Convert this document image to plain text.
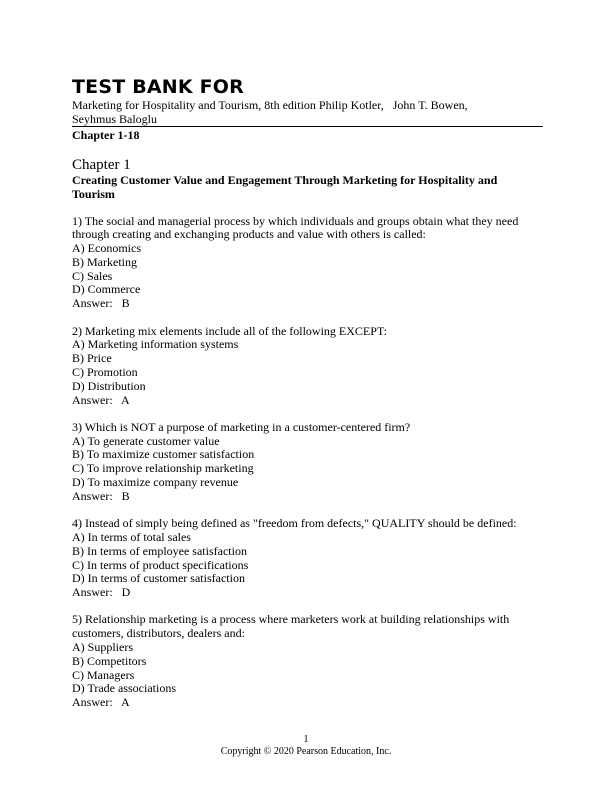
TEST BANK FOR
Marketing for Hospitality and Tourism, 8th edition Philip Kotler,   John T. Bowen,
Seyhmus Baloglu
Chapter 1-18
Chapter 1
Creating Customer Value and Engagement Through Marketing for Hospitality and
Tourism
1) The social and managerial process by which individuals and groups obtain what they need
through creating and exchanging products and value with others is called:
A) Economics
B) Marketing
C) Sales
D) Commerce
Answer: B
2) Marketing mix elements include all of the following EXCEPT:
A) Marketing information systems
B) Price
C) Promotion
D) Distribution
Answer: A
3) Which is NOT a purpose of marketing in a customer-centered firm?
A) To generate customer value
B) To maximize customer satisfaction
C) To improve relationship marketing
D) To maximize company revenue
Answer: B
4) Instead of simply being defined as "freedom from defects," QUALITY should be defined:
A) In terms of total sales
B) In terms of employee satisfaction
C) In terms of product specifications
D) In terms of customer satisfaction
Answer: D
5) Relationship marketing is a process where marketers work at building relationships with
customers, distributors, dealers and:
A) Suppliers
B) Competitors
C) Managers
D) Trade associations
Answer: A
1
Copyright © 2020 Pearson Education, Inc.
